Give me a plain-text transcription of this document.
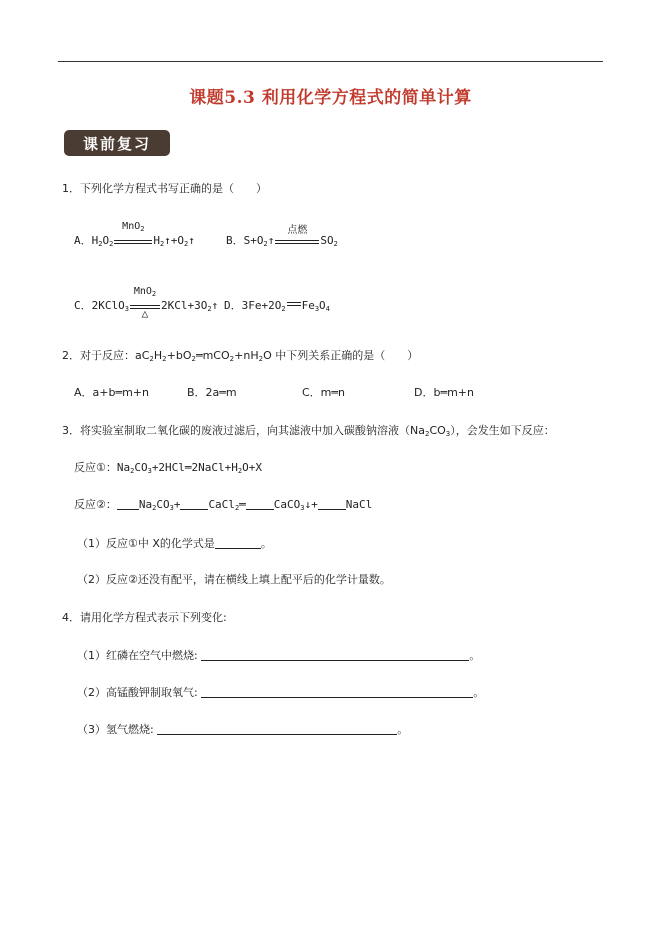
课题5.3 利用化学方程式的简单计算
课前复习
1．下列化学方程式书写正确的是（　　）
A．$H_2O_2$
MnO$_2$
$H_2↑+O_2↑$	B．$S+O_2↑$
点燃
$SO_2$
C．2KClO$_3$
MnO$_2$
△
$2KCl+3O_2↑$ D．$3Fe+2O_2$ $Fe_3O_4$
2．对于反应：$aC_2H_2+bO_2═mCO_2+nH_2O$ 中下列关系正确的是（　　）
A．a+b═m+n	B．2a═m	C．m═n	D．b═m+n
3．将实验室制取二氧化碳的废液过滤后，向其滤液中加入碳酸钠溶液$(Na_2CO_3)$，会发生如下反应：
反应①：$Na_2CO_3+2HCl═2NaCl+H_2O+X$
反应②： $Na_2CO_3+$	CaCl$_2$═	CaCO$_3$↓+	NaCl
（1）反应①中 X的化学式是	。
（2）反应②还没有配平，请在横线上填上配平后的化学计量数。
4．请用化学方程式表示下列变化:
（1）红磷在空气中燃烧:	。
（2）高锰酸钾制取氧气:	。
（3）氢气燃烧:	。
